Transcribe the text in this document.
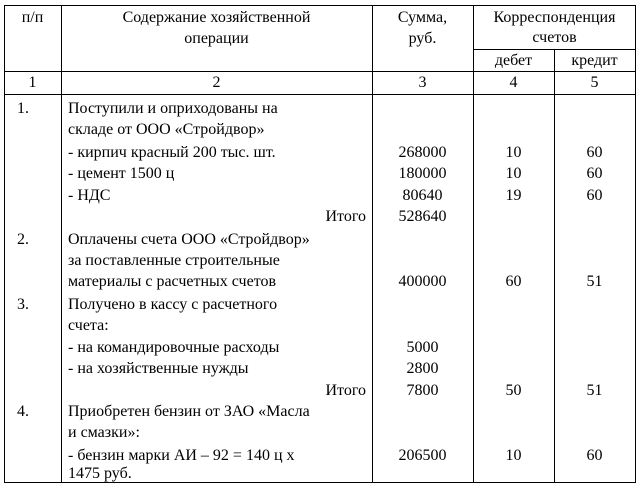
п/п	Содержание хозяйственной
операции
Сумма,
руб.
Корреспонденция
счетов
дебет	кредит
1	2	3	4	5
1. Поступили и оприходованы на
складе от ООО «Стройдвор»
- кирпич красный 200 тыс. шт.	268000	10	60
- цемент 1500 ц	180000	10	60
- НДС	80640	19	60
Итого	528640
2. Оплачены счета ООО «Стройдвор»
за поставленные строительные
материалы с расчетных счетов	400000	60	51
3. Получено в кассу с расчетного
счета:
- на командировочные расходы	5000
- на хозяйственные нужды	2800
Итого	7800	50	51
4. Приобретен бензин от ЗАО «Масла
и смазки»:
- бензин марки АИ – 92 = 140 ц х
1475 руб.
206500	10	60
